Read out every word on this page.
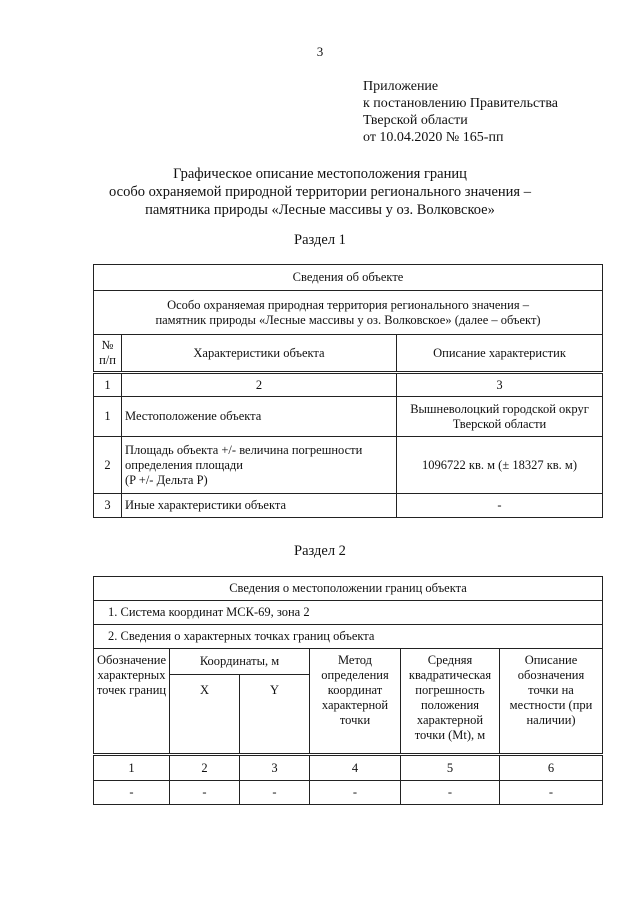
3
Приложение
к постановлению Правительства
Тверской области
от 10.04.2020 № 165-пп
Графическое описание местоположения границ
особо охраняемой природной территории регионального значения –
памятника природы «Лесные массивы у оз. Волковское»
Раздел 1
Сведения об объекте		

Особо охраняемая природная территория регионального значения –
памятник природы «Лесные массивы у оз. Волковское» (далее – объект)		

№ п/п	Характеристики объекта	Описание характеристик
1	2	3
1	Местоположение объекта	Вышневолоцкий городской округ Тверской области
2	Площадь объекта +/- величина погрешности
определения площади
(P +/- Дельта P)	1096722 кв. м (± 18327 кв. м)
3	Иные характеристики объекта	-
Раздел 2
Сведения о местоположении границ объекта					
1. Система координат МСК-69, зона 2					
2. Сведения о характерных точках границ объекта					
Обозначение характерных точек границ	Координаты, м		Метод определения координат характерной точки	Средняя квадратическая погрешность положения характерной точки (Mt), м	Описание обозначения точки на местности (при наличии)
	X	Y			
1	2	3	4	5	6
-	-	-	-	-	-
